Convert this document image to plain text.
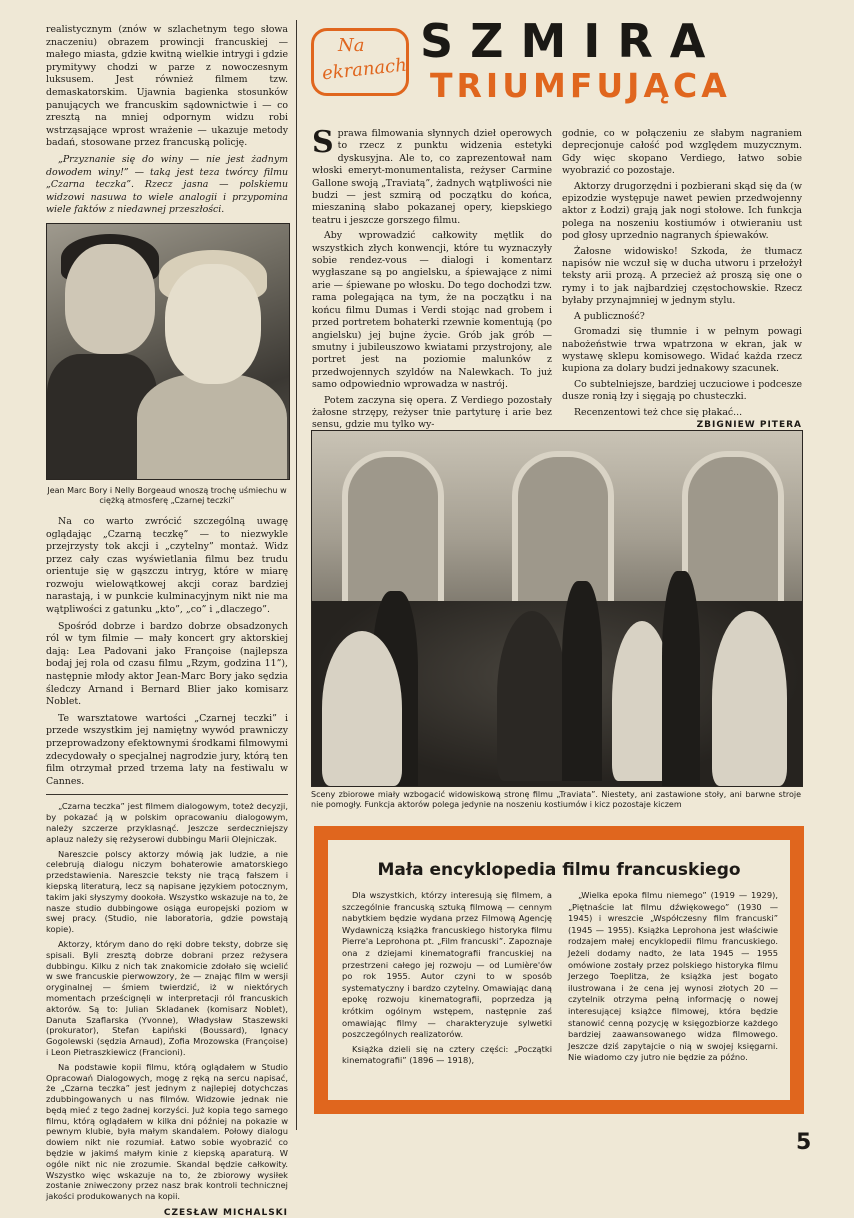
realistycznym (znów w szlachetnym tego słowa znaczeniu) obrazem prowincji francuskiej — małego miasta, gdzie kwitną wielkie intrygi i gdzie prymitywy chodzi w parze z nowoczesnym luksusem. Jest również filmem tzw. demaskatorskim. Ujawnia bagienka stosunków panujących we francuskim sądownictwie i — co zresztą na mniej odpornym widzu robi wstrząsające wprost wrażenie — ukazuje metody badań, stosowane przez francuską policję.

„Przyznanie się do winy — nie jest żadnym dowodem winy!” — taką jest teza twórcy filmu „Czarna teczka”. Rzecz jasna — polskiemu widzowi nasuwa to wiele analogii i przypomina wiele faktów z niedawnej przeszłości.

Jean Marc Bory i Nelly Borgeaud wnoszą trochę uśmiechu w ciężką atmosferę „Czarnej teczki”

Na co warto zwrócić szczególną uwagę oglądając „Czarną teczkę” — to niezwykle przejrzysty tok akcji i „czytelny” montaż. Widz przez cały czas wyświetlania filmu bez trudu orientuje się w gąszczu intryg, które w miarę rozwoju wielowątkowej akcji coraz bardziej narastają, i w punkcie kulminacyjnym nikt nie ma wątpliwości z gatunku „kto”, „co” i „dlaczego”.

Spośród dobrze i bardzo dobrze obsadzonych ról w tym filmie — mały koncert gry aktorskiej dają: Lea Padovani jako Françoise (najlepsza bodaj jej rola od czasu filmu „Rzym, godzina 11”), następnie młody aktor Jean-Marc Bory jako sędzia śledczy Arnand i Bernard Blier jako komisarz Noblet.

Te warsztatowe wartości „Czarnej teczki” i przede wszystkim jej namiętny wywód prawniczy przeprowadzony efektownymi środkami filmowymi zdecydowały o specjalnej nagrodzie jury, którą ten film otrzymał przed trzema laty na festiwalu w Cannes.

„Czarna teczka” jest filmem dialogowym, toteż decyzji, by pokazać ją w polskim opracowaniu dialogowym, należy szczerze przyklasnąć. Jeszcze serdeczniejszy aplauz należy się reżyserowi dubbingu Marii Olejniczak.

Nareszcie polscy aktorzy mówią jak ludzie, a nie celebrują dialogu niczym bohaterowie amatorskiego przedstawienia. Nareszcie teksty nie trącą fałszem i kiepską literaturą, lecz są napisane językiem potocznym, takim jaki słyszymy dookoła. Wszystko wskazuje na to, że nasze studio dubbingowe osiąga europejski poziom w swej pracy. (Studio, nie laboratoria, gdzie powstają kopie).

Aktorzy, którym dano do ręki dobre teksty, dobrze się spisali. Byli zresztą dobrze dobrani przez reżysera dubbingu. Kilku z nich tak znakomicie zdołało się wcielić w swe francuskie pierwowzory, że — znając film w wersji oryginalnej — śmiem twierdzić, iż w niektórych momentach prześcignęli w interpretacji ról francuskich aktorów. Są to: Julian Skladanek (komisarz Noblet), Danuta Szaflarska (Yvonne), Władysław Staszewski (prokurator), Stefan Łapiński (Boussard), Ignacy Gogolewski (sędzia Arnaud), Zofia Mrozowska (Françoise) i Leon Pietraszkiewicz (Francioni).

Na podstawie kopii filmu, którą oglądałem w Studio Opracowań Dialogowych, mogę z ręką na sercu napisać, że „Czarna teczka” jest jednym z najlepiej dotychczas zdubbingowanych u nas filmów. Widzowie jednak nie będą mieć z tego żadnej korzyści. Już kopia tego samego filmu, którą oglądałem w kilka dni później na pokazie w pewnym klubie, była małym skandalem. Połowy dialogu dowiem nikt nie rozumiał. Łatwo sobie wyobrazić co będzie w jakimś małym kinie z kiepską aparaturą. W ogóle nikt nic nie zrozumie. Skandal będzie całkowity. Wszystko więc wskazuje na to, że zbiorowy wysiłek zostanie zniweczony przez nasz brak kontroli technicznej jakości produkowanych na kopii.

CZESŁAW MICHALSKI
Na
ekranach
SZMIRA
TRIUMFUJĄCA

Sprawa filmowania słynnych dzieł operowych to rzecz z punktu widzenia estetyki dyskusyjna. Ale to, co zaprezentował nam włoski emeryt-monumentalista, reżyser Carmine Gallone swoją „Traviatą”, żadnych wątpliwości nie budzi — jest szmirą od początku do końca, mieszaniną słabo pokazanej opery, kiepskiego teatru i jeszcze gorszego filmu.

Aby wprowadzić całkowity mętlik do wszystkich złych konwencji, które tu wyznaczyły sobie rendez-vous — dialogi i komentarz wygłaszane są po angielsku, a śpiewające z nimi arie — śpiewane po włosku. Do tego dochodzi tzw. rama polegająca na tym, że na początku i na końcu filmu Dumas i Verdi stojąc nad grobem i przed portretem bohaterki rzewnie komentują (po angielsku) jej bujne życie. Grób jak grób — smutny i jubileuszowo kwiatami przystrojony, ale portret jest na poziomie malunków z przedwojennych szyldów na Nalewkach. To już samo odpowiednio wprowadza w nastrój.

Potem zaczyna się opera. Z Verdiego pozostały żałosne strzępy, reżyser tnie partyturę i arie bez sensu, gdzie mu tylko wy-

godnie, co w połączeniu ze słabym nagraniem deprecjonuje całość pod względem muzycznym. Gdy więc skopano Verdiego, łatwo sobie wyobrazić co pozostaje.

Aktorzy drugorzędni i pozbierani skąd się da (w epizodzie występuje nawet pewien przedwojenny aktor z Łodzi) grają jak nogi stołowe. Ich funkcja polega na noszeniu kostiumów i otwieraniu ust pod głosy uprzednio nagranych śpiewaków.

Żałosne widowisko! Szkoda, że tłumacz napisów nie wczuł się w ducha utworu i przełożył teksty arii prozą. A przecież aż proszą się one o rymy i to jak najbardziej częstochowskie. Rzecz byłaby przynajmniej w jednym stylu.

A publiczność?

Gromadzi się tłumnie i w pełnym powagi nabożeństwie trwa wpatrzona w ekran, jak w wystawę sklepu komisowego. Widać każda rzecz kupiona za dolary budzi jednakowy szacunek.

Co subtelniejsze, bardziej uczuciowe i podcesze dusze ronią łzy i sięgają po chusteczki.

Recenzentowi też chce się płakać...

ZBIGNIEW PITERA

Sceny zbiorowe miały wzbogacić widowiskową stronę filmu „Traviata”. Niestety, ani zastawione stoły, ani barwne stroje nie pomogły. Funkcja aktorów polega jedynie na noszeniu kostiumów i kicz pozostaje kiczem

Mała encyklopedia filmu francuskiego

Dla wszystkich, którzy interesują się filmem, a szczególnie francuską sztuką filmową — cennym nabytkiem będzie wydana przez Filmową Agencję Wydawniczą książka francuskiego historyka filmu Pierre'a Leprohona pt. „Film francuski”. Zapoznaje ona z dziejami kinematografii francuskiej na przestrzeni całego jej rozwoju — od Lumière'ów po rok 1955. Autor czyni to w sposób systematyczny i bardzo czytelny. Omawiając daną epokę rozwoju kinematografii, poprzedza ją krótkim ogólnym wstępem, następnie zaś omawiając filmy — charakteryzuje sylwetki poszczególnych realizatorów.

Książka dzieli się na cztery części: „Początki kinematografii” (1896 — 1918),

„Wielka epoka filmu niemego” (1919 — 1929), „Piętnaście lat filmu dźwiękowego” (1930 — 1945) i wreszcie „Współczesny film francuski” (1945 — 1955). Książka Leprohona jest właściwie rodzajem małej encyklopedii filmu francuskiego. Jeżeli dodamy nadto, że lata 1945 — 1955 omówione zostały przez polskiego historyka filmu Jerzego Toeplitza, że książka jest bogato ilustrowana i że cena jej wynosi złotych 20 — czytelnik otrzyma pełną informację o nowej interesującej książce filmowej, która będzie stanowić cenną pozycję w księgozbiorze każdego bardziej zaawansowanego widza filmowego. Jeszcze dziś zapytajcie o nią w swojej księgarni. Nie wiadomo czy jutro nie będzie za późno.

5
